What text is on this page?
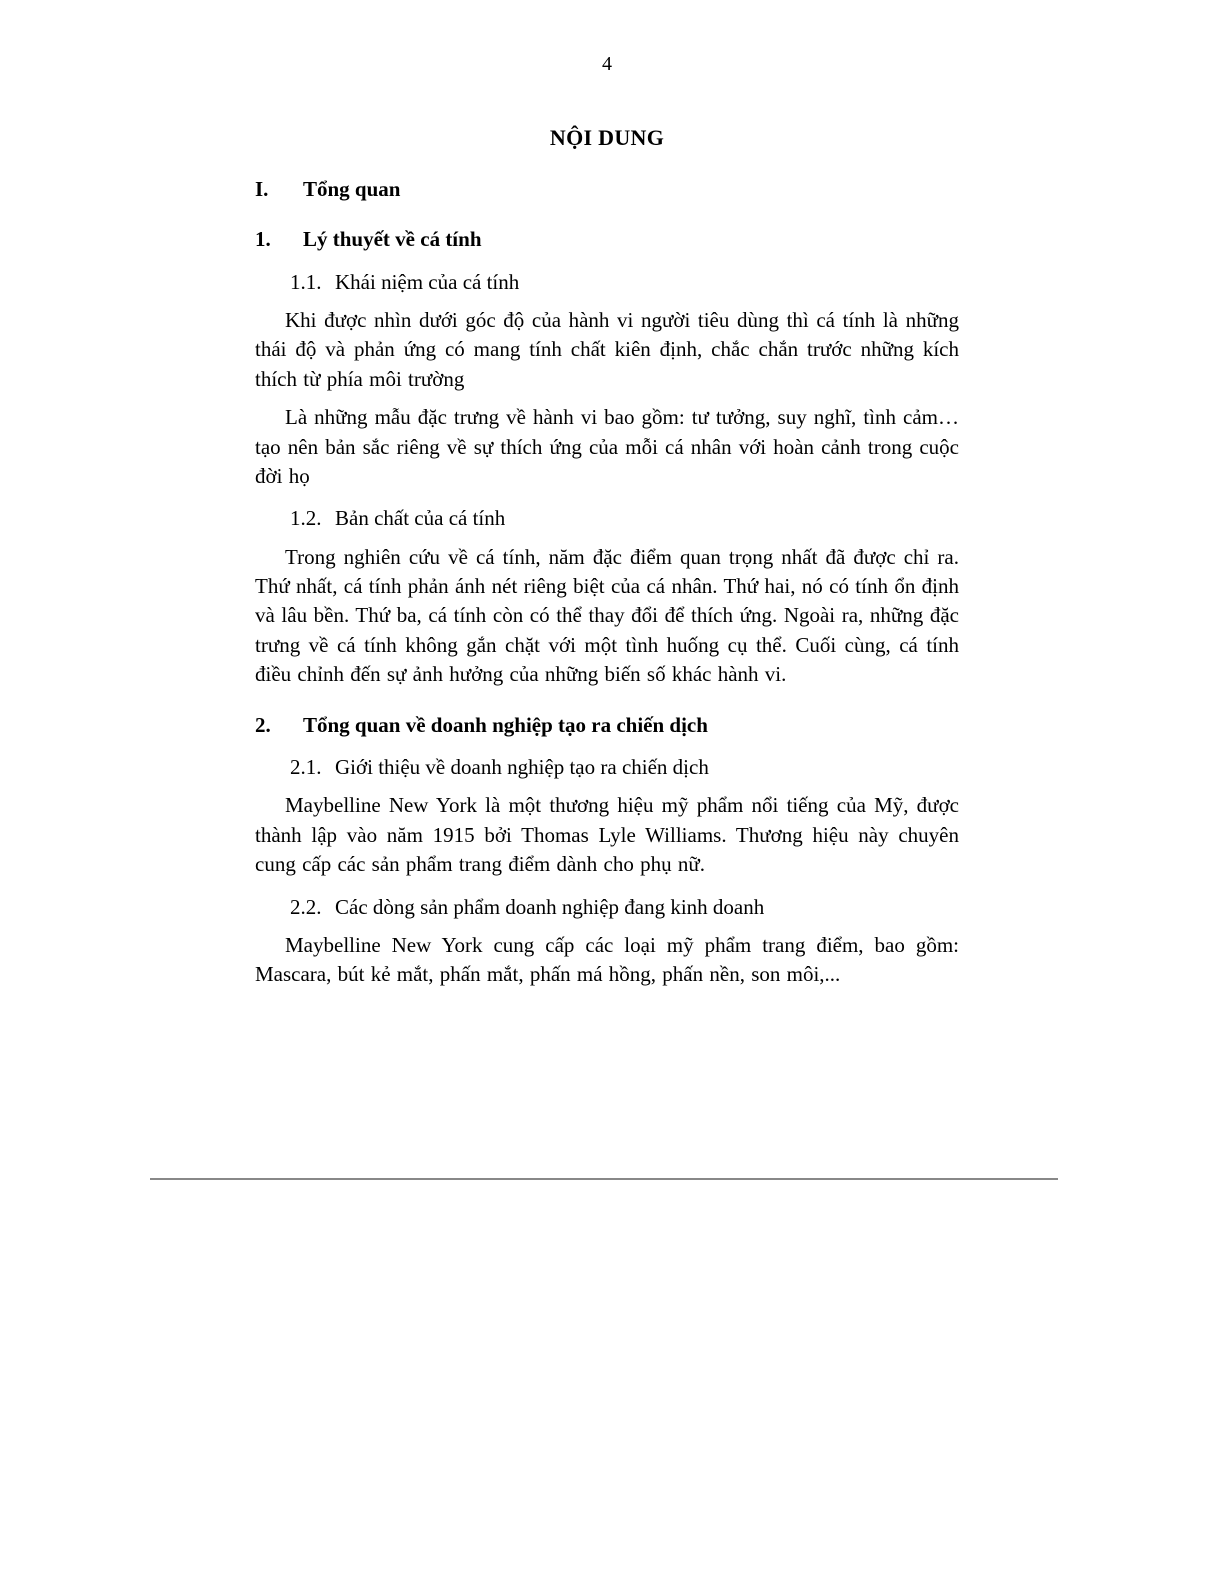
4
NỘI DUNG
I.	Tổng quan
1.	Lý thuyết về cá tính
1.1. Khái niệm của cá tính

Khi được nhìn dưới góc độ của hành vi người tiêu dùng thì cá tính là những thái độ và phản ứng có mang tính chất kiên định, chắc chắn trước những kích thích từ phía môi trường

Là những mẫu đặc trưng về hành vi bao gồm: tư tưởng, suy nghĩ, tình cảm…tạo nên bản sắc riêng về sự thích ứng của mỗi cá nhân với hoàn cảnh trong cuộc đời họ

1.2. Bản chất của cá tính

Trong nghiên cứu về cá tính, năm đặc điểm quan trọng nhất đã được chỉ ra. Thứ nhất, cá tính phản ánh nét riêng biệt của cá nhân. Thứ hai, nó có tính ổn định và lâu bền. Thứ ba, cá tính còn có thể thay đổi để thích ứng. Ngoài ra, những đặc trưng về cá tính không gắn chặt với một tình huống cụ thể. Cuối cùng, cá tính điều chỉnh đến sự ảnh hưởng của những biến số khác hành vi.

2.	Tổng quan về doanh nghiệp tạo ra chiến dịch
2.1. Giới thiệu về doanh nghiệp tạo ra chiến dịch

Maybelline New York là một thương hiệu mỹ phẩm nổi tiếng của Mỹ, được thành lập vào năm 1915 bởi Thomas Lyle Williams. Thương hiệu này chuyên cung cấp các sản phẩm trang điểm dành cho phụ nữ.

2.2. Các dòng sản phẩm doanh nghiệp đang kinh doanh

Maybelline New York cung cấp các loại mỹ phẩm trang điểm, bao gồm: Mascara, bút kẻ mắt, phấn mắt, phấn má hồng, phấn nền, son môi,...
